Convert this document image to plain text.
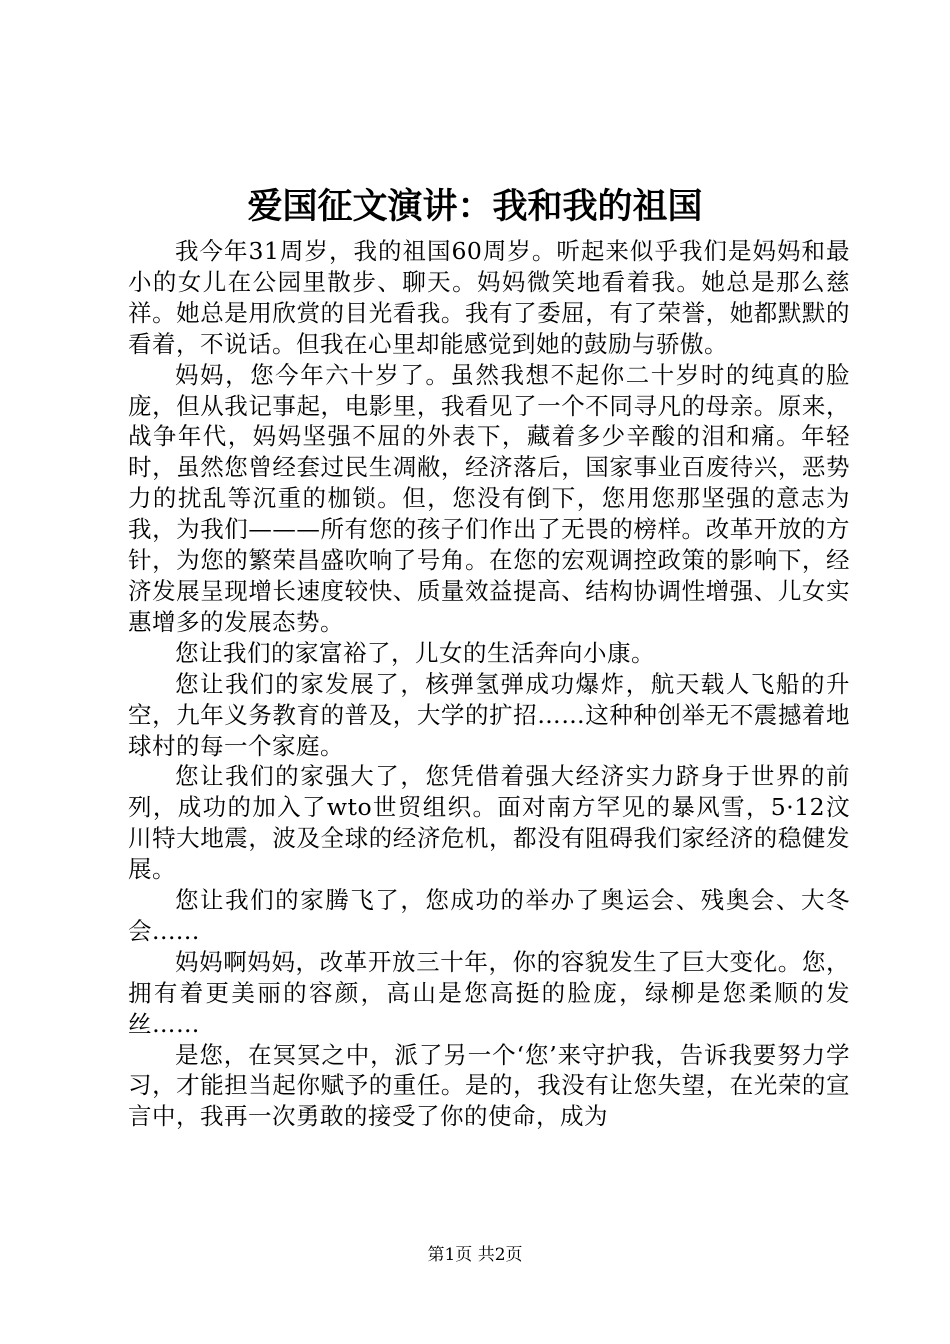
爱国征文演讲：我和我的祖国

我今年31周岁，我的祖国60周岁。听起来似乎我们是妈妈和最小的女儿在公园里散步、聊天。妈妈微笑地看着我。她总是那么慈祥。她总是用欣赏的目光看我。我有了委屈，有了荣誉，她都默默的看着，不说话。但我在心里却能感觉到她的鼓励与骄傲。

妈妈，您今年六十岁了。虽然我想不起你二十岁时的纯真的脸庞，但从我记事起，电影里，我看见了一个不同寻凡的母亲。原来，战争年代，妈妈坚强不屈的外表下，藏着多少辛酸的泪和痛。年轻时，虽然您曾经套过民生凋敝，经济落后，国家事业百废待兴，恶势力的扰乱等沉重的枷锁。但，您没有倒下，您用您那坚强的意志为我，为我们———所有您的孩子们作出了无畏的榜样。改革开放的方针，为您的繁荣昌盛吹响了号角。在您的宏观调控政策的影响下，经济发展呈现增长速度较快、质量效益提高、结构协调性增强、儿女实惠增多的发展态势。

您让我们的家富裕了，儿女的生活奔向小康。

您让我们的家发展了，核弹氢弹成功爆炸，航天载人飞船的升空，九年义务教育的普及，大学的扩招……这种种创举无不震撼着地球村的每一个家庭。

您让我们的家强大了，您凭借着强大经济实力跻身于世界的前列，成功的加入了wto世贸组织。面对南方罕见的暴风雪，5·12汶川特大地震，波及全球的经济危机，都没有阻碍我们家经济的稳健发展。

您让我们的家腾飞了，您成功的举办了奥运会、残奥会、大冬会......

妈妈啊妈妈，改革开放三十年，你的容貌发生了巨大变化。您，拥有着更美丽的容颜，高山是您高挺的脸庞，绿柳是您柔顺的发丝……

是您，在冥冥之中，派了另一个‘您’来守护我，告诉我要努力学习，才能担当起你赋予的重任。是的，我没有让您失望，在光荣的宣言中，我再一次勇敢的接受了你的使命，成为

第1页 共2页
